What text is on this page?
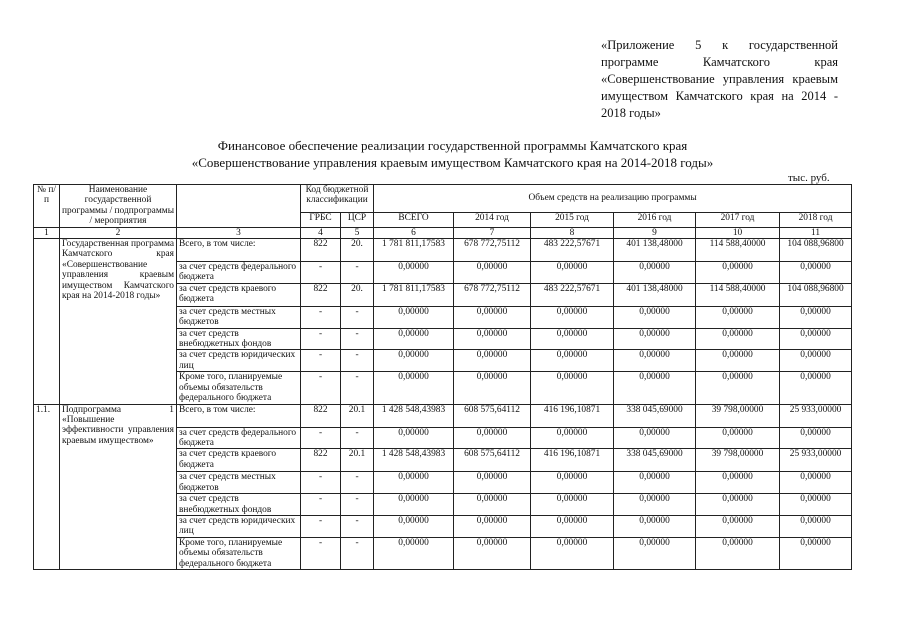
«Приложение 5 к государственной программе Камчатского края «Совершенствование управления краевым имуществом Камчатского края на 2014 - 2018 годы»
Финансовое обеспечение реализации государственной программы Камчатского края
«Совершенствование управления краевым имуществом Камчатского края на 2014-2018 годы»
тыс. руб.
№ п/п	Наименование государственной программы / подпрограммы / мероприятия		Код бюджетной классификации		Объем средств на реализацию программы					
			ГРБС	ЦСР	ВСЕГО	2014 год	2015 год	2016 год	2017 год	2018 год
1	2	3	4	5	6	7	8	9	10	11
	Государственная программа Камчатского края «Совершенствование управления краевым имуществом Камчатского края на 2014-2018 годы»	Всего, в том числе:	822	20.	1 781 811,17583	678 772,75112	483 222,57671	401 138,48000	114 588,40000	104 088,96800
		за счет средств федерального бюджета	-	-	0,00000	0,00000	0,00000	0,00000	0,00000	0,00000
		за счет средств краевого бюджета	822	20.	1 781 811,17583	678 772,75112	483 222,57671	401 138,48000	114 588,40000	104 088,96800
		за счет средств местных бюджетов	-	-	0,00000	0,00000	0,00000	0,00000	0,00000	0,00000
		за счет средств внебюджетных фондов	-	-	0,00000	0,00000	0,00000	0,00000	0,00000	0,00000
		за счет средств юридических лиц	-	-	0,00000	0,00000	0,00000	0,00000	0,00000	0,00000
		Кроме того, планируемые объемы обязательств федерального бюджета	-	-	0,00000	0,00000	0,00000	0,00000	0,00000	0,00000
1.1.	Подпрограмма 1 «Повышение эффективности управления краевым имуществом»	Всего, в том числе:	822	20.1	1 428 548,43983	608 575,64112	416 196,10871	338 045,69000	39 798,00000	25 933,00000
		за счет средств федерального бюджета	-	-	0,00000	0,00000	0,00000	0,00000	0,00000	0,00000
		за счет средств краевого бюджета	822	20.1	1 428 548,43983	608 575,64112	416 196,10871	338 045,69000	39 798,00000	25 933,00000
		за счет средств местных бюджетов	-	-	0,00000	0,00000	0,00000	0,00000	0,00000	0,00000
		за счет средств внебюджетных фондов	-	-	0,00000	0,00000	0,00000	0,00000	0,00000	0,00000
		за счет средств юридических лиц	-	-	0,00000	0,00000	0,00000	0,00000	0,00000	0,00000
		Кроме того, планируемые объемы обязательств федерального бюджета	-	-	0,00000	0,00000	0,00000	0,00000	0,00000	0,00000
